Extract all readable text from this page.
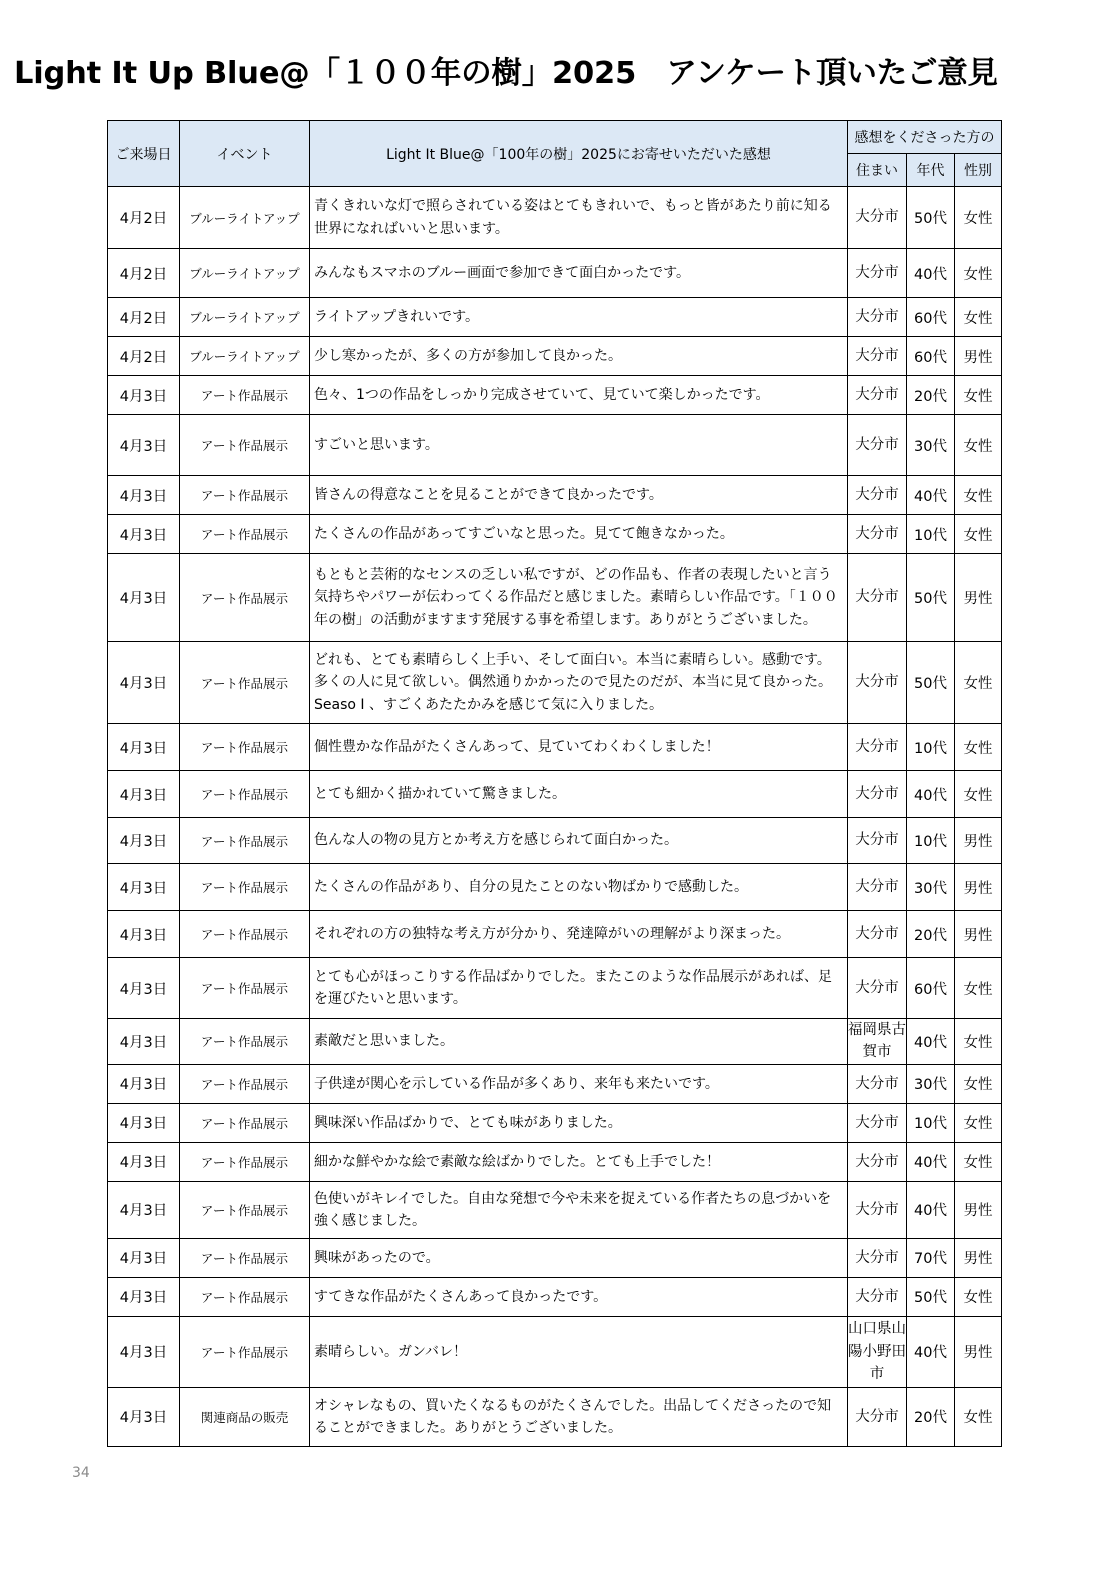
Light It Up Blue@「１００年の樹」2025　アンケート頂いたご意見
ご来場日	イベント	Light It Blue@「100年の樹」2025にお寄せいただいた感想	感想をくださった方の		
			住まい	年代	性別
4月2日	ブルーライトアップ	青くきれいな灯で照らされている姿はとてもきれいで、もっと皆があたり前に知る世界になればいいと思います。	大分市	50代	女性
4月2日	ブルーライトアップ	みんなもスマホのブルー画面で参加できて面白かったです。	大分市	40代	女性
4月2日	ブルーライトアップ	ライトアップきれいです。	大分市	60代	女性
4月2日	ブルーライトアップ	少し寒かったが、多くの方が参加して良かった。	大分市	60代	男性
4月3日	アート作品展示	色々、1つの作品をしっかり完成させていて、見ていて楽しかったです。	大分市	20代	女性
4月3日	アート作品展示	すごいと思います。	大分市	30代	女性
4月3日	アート作品展示	皆さんの得意なことを見ることができて良かったです。	大分市	40代	女性
4月3日	アート作品展示	たくさんの作品があってすごいなと思った。見てて飽きなかった。	大分市	10代	女性
4月3日	アート作品展示	もともと芸術的なセンスの乏しい私ですが、どの作品も、作者の表現したいと言う気持ちやパワーが伝わってくる作品だと感じました。素晴らしい作品です。「１００年の樹」の活動がますます発展する事を希望します。ありがとうございました。	大分市	50代	男性
4月3日	アート作品展示	どれも、とても素晴らしく上手い、そして面白い。本当に素晴らしい。感動です。多くの人に見て欲しい。偶然通りかかったので見たのだが、本当に見て良かった。Seaso I 、すごくあたたかみを感じて気に入りました。	大分市	50代	女性
4月3日	アート作品展示	個性豊かな作品がたくさんあって、見ていてわくわくしました！	大分市	10代	女性
4月3日	アート作品展示	とても細かく描かれていて驚きました。	大分市	40代	女性
4月3日	アート作品展示	色んな人の物の見方とか考え方を感じられて面白かった。	大分市	10代	男性
4月3日	アート作品展示	たくさんの作品があり、自分の見たことのない物ばかりで感動した。	大分市	30代	男性
4月3日	アート作品展示	それぞれの方の独特な考え方が分かり、発達障がいの理解がより深まった。	大分市	20代	男性
4月3日	アート作品展示	とても心がほっこりする作品ばかりでした。またこのような作品展示があれば、足を運びたいと思います。	大分市	60代	女性
4月3日	アート作品展示	素敵だと思いました。	福岡県古賀市	40代	女性
4月3日	アート作品展示	子供達が関心を示している作品が多くあり、来年も来たいです。	大分市	30代	女性
4月3日	アート作品展示	興味深い作品ばかりで、とても味がありました。	大分市	10代	女性
4月3日	アート作品展示	細かな鮮やかな絵で素敵な絵ばかりでした。とても上手でした！	大分市	40代	女性
4月3日	アート作品展示	色使いがキレイでした。自由な発想で今や未来を捉えている作者たちの息づかいを強く感じました。	大分市	40代	男性
4月3日	アート作品展示	興味があったので。	大分市	70代	男性
4月3日	アート作品展示	すてきな作品がたくさんあって良かったです。	大分市	50代	女性
4月3日	アート作品展示	素晴らしい。ガンバレ！	山口県山陽小野田市	40代	男性
4月3日	関連商品の販売	オシャレなもの、買いたくなるものがたくさんでした。出品してくださったので知ることができました。ありがとうございました。	大分市	20代	女性
34
